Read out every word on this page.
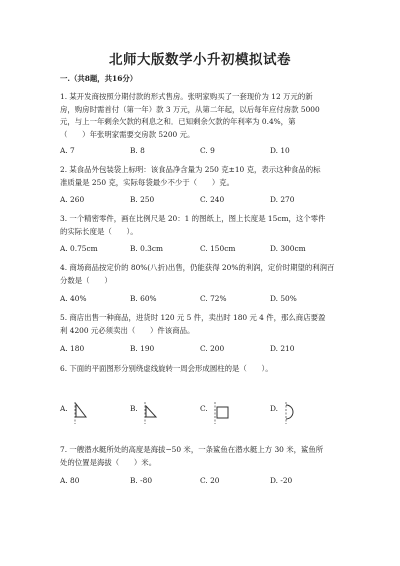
北师大版数学小升初模拟试卷
一.（共8题，共16分）
1. 某开发商按照分期付款的形式售房。张明家购买了一套现价为 12 万元的新
房，购房时需首付（第一年）款 3 万元，从第二年起，以后每年应付房款 5000
元，与上一年剩余欠款的利息之和．已知剩余欠款的年利率为 0.4%，第
（　　）年张明家需要交房款 5200 元。
A. 7	B. 8	C. 9	D. 10
2. 某食品外包装袋上标明：该食品净含量为 250 克±10 克，表示这种食品的标
准质量是 250 克，实际每袋最少不少于（　　）克。
A. 260	B. 250	C. 240	D. 270
3. 一个精密零件，画在比例尺是 20：1 的图纸上，图上长度是 15cm，这个零件
的实际长度是（　　）。
A. 0.75cm	B. 0.3cm	C. 150cm	D. 300cm
4. 商场商品按定价的 80%(八折)出售，仍能获得 20%的利润，定价时期望的利润百
分数是（　　）
A. 40%	B. 60%	C. 72%	D. 50%
5. 商店出售一种商品，进货时 120 元 5 件，卖出时 180 元 4 件，那么商店要盈
利 4200 元必须卖出（　　）件该商品。
A. 180	B. 190	C. 200	D. 210
6. 下面的平面图形分别绕虚线旋转一周会形成圆柱的是（　　）。
A.	B.	C.	D.
7. 一艘潜水艇所处的高度是海拔−50 米，一条鲨鱼在潜水艇上方 30 米，鲨鱼所
处的位置是海拔（　　）米。
A. 80	B. -80	C. 20	D. -20
